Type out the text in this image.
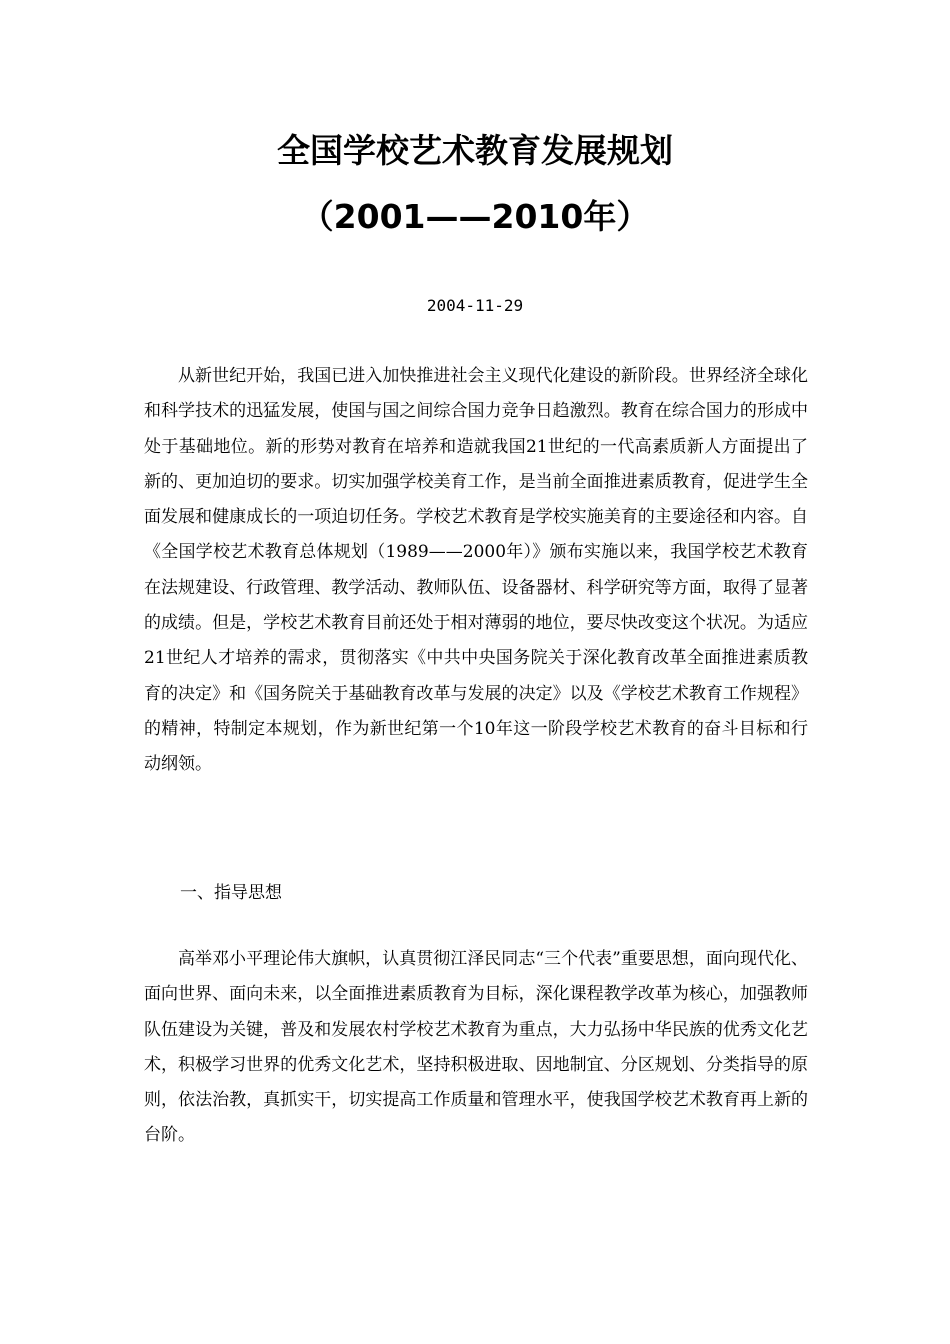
全国学校艺术教育发展规划
（2001——2010年）
2004-11-29

从新世纪开始，我国已进入加快推进社会主义现代化建设的新阶段。世界经济全球化和科学技术的迅猛发展，使国与国之间综合国力竞争日趋激烈。教育在综合国力的形成中处于基础地位。新的形势对教育在培养和造就我国21世纪的一代高素质新人方面提出了新的、更加迫切的要求。切实加强学校美育工作，是当前全面推进素质教育，促进学生全面发展和健康成长的一项迫切任务。学校艺术教育是学校实施美育的主要途径和内容。自《全国学校艺术教育总体规划（1989——2000年）》颁布实施以来，我国学校艺术教育在法规建设、行政管理、教学活动、教师队伍、设备器材、科学研究等方面，取得了显著的成绩。但是，学校艺术教育目前还处于相对薄弱的地位，要尽快改变这个状况。为适应21世纪人才培养的需求，贯彻落实《中共中央国务院关于深化教育改革全面推进素质教育的决定》和《国务院关于基础教育改革与发展的决定》以及《学校艺术教育工作规程》的精神，特制定本规划，作为新世纪第一个10年这一阶段学校艺术教育的奋斗目标和行动纲领。

一、指导思想

高举邓小平理论伟大旗帜，认真贯彻江泽民同志“三个代表”重要思想，面向现代化、面向世界、面向未来，以全面推进素质教育为目标，深化课程教学改革为核心，加强教师队伍建设为关键，普及和发展农村学校艺术教育为重点，大力弘扬中华民族的优秀文化艺术，积极学习世界的优秀文化艺术，坚持积极进取、因地制宜、分区规划、分类指导的原则，依法治教，真抓实干，切实提高工作质量和管理水平，使我国学校艺术教育再上新的台阶。
